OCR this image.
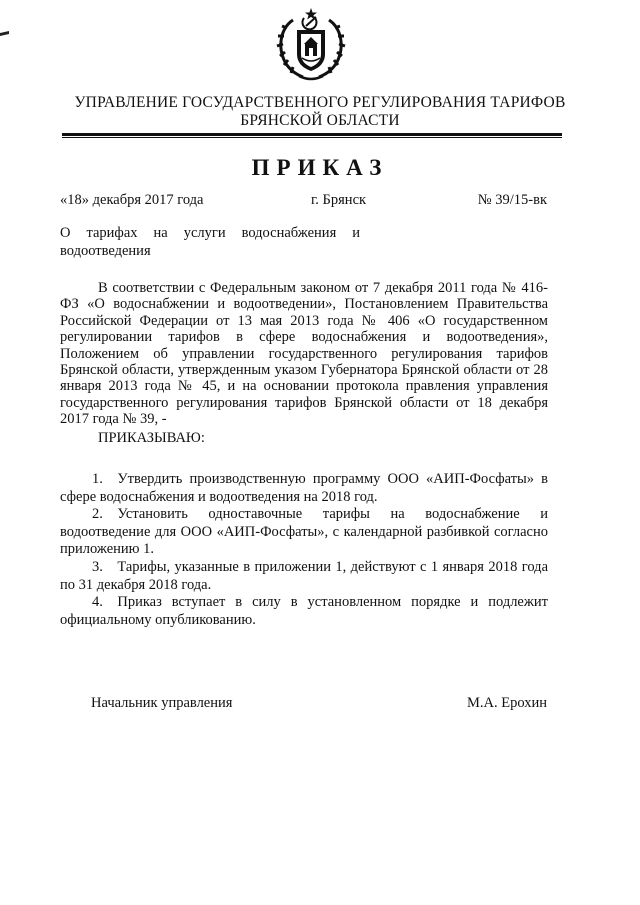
УПРАВЛЕНИЕ ГОСУДАРСТВЕННОГО РЕГУЛИРОВАНИЯ ТАРИФОВ
БРЯНСКОЙ ОБЛАСТИ
ПРИКАЗ
«18» декабря 2017 года	г. Брянск	№ 39/15-вк
О тарифах на услуги водоснабжения и водоотведения

В соответствии с Федеральным законом от 7 декабря 2011 года № 416-ФЗ «О водоснабжении и водоотведении», Постановлением Правительства Российской Федерации от 13 мая 2013 года № 406 «О государственном регулировании тарифов в сфере водоснабжения и водоотведения», Положением об управлении государственного регулирования тарифов Брянской области, утвержденным указом Губернатора Брянской области от 28 января 2013 года № 45, и на основании протокола правления управления государственного регулирования тарифов Брянской области от 18 декабря 2017 года № 39, -

ПРИКАЗЫВАЮ:

1. Утвердить производственную программу ООО «АИП-Фосфаты» в сфере водоснабжения и водоотведения на 2018 год.

2. Установить одноставочные тарифы на водоснабжение и водоотведение для ООО «АИП-Фосфаты», с календарной разбивкой согласно приложению 1.

3. Тарифы, указанные в приложении 1, действуют с 1 января 2018 года по 31 декабря 2018 года.

4. Приказ вступает в силу в установленном порядке и подлежит официальному опубликованию.

Начальник управления	М.А. Ерохин
